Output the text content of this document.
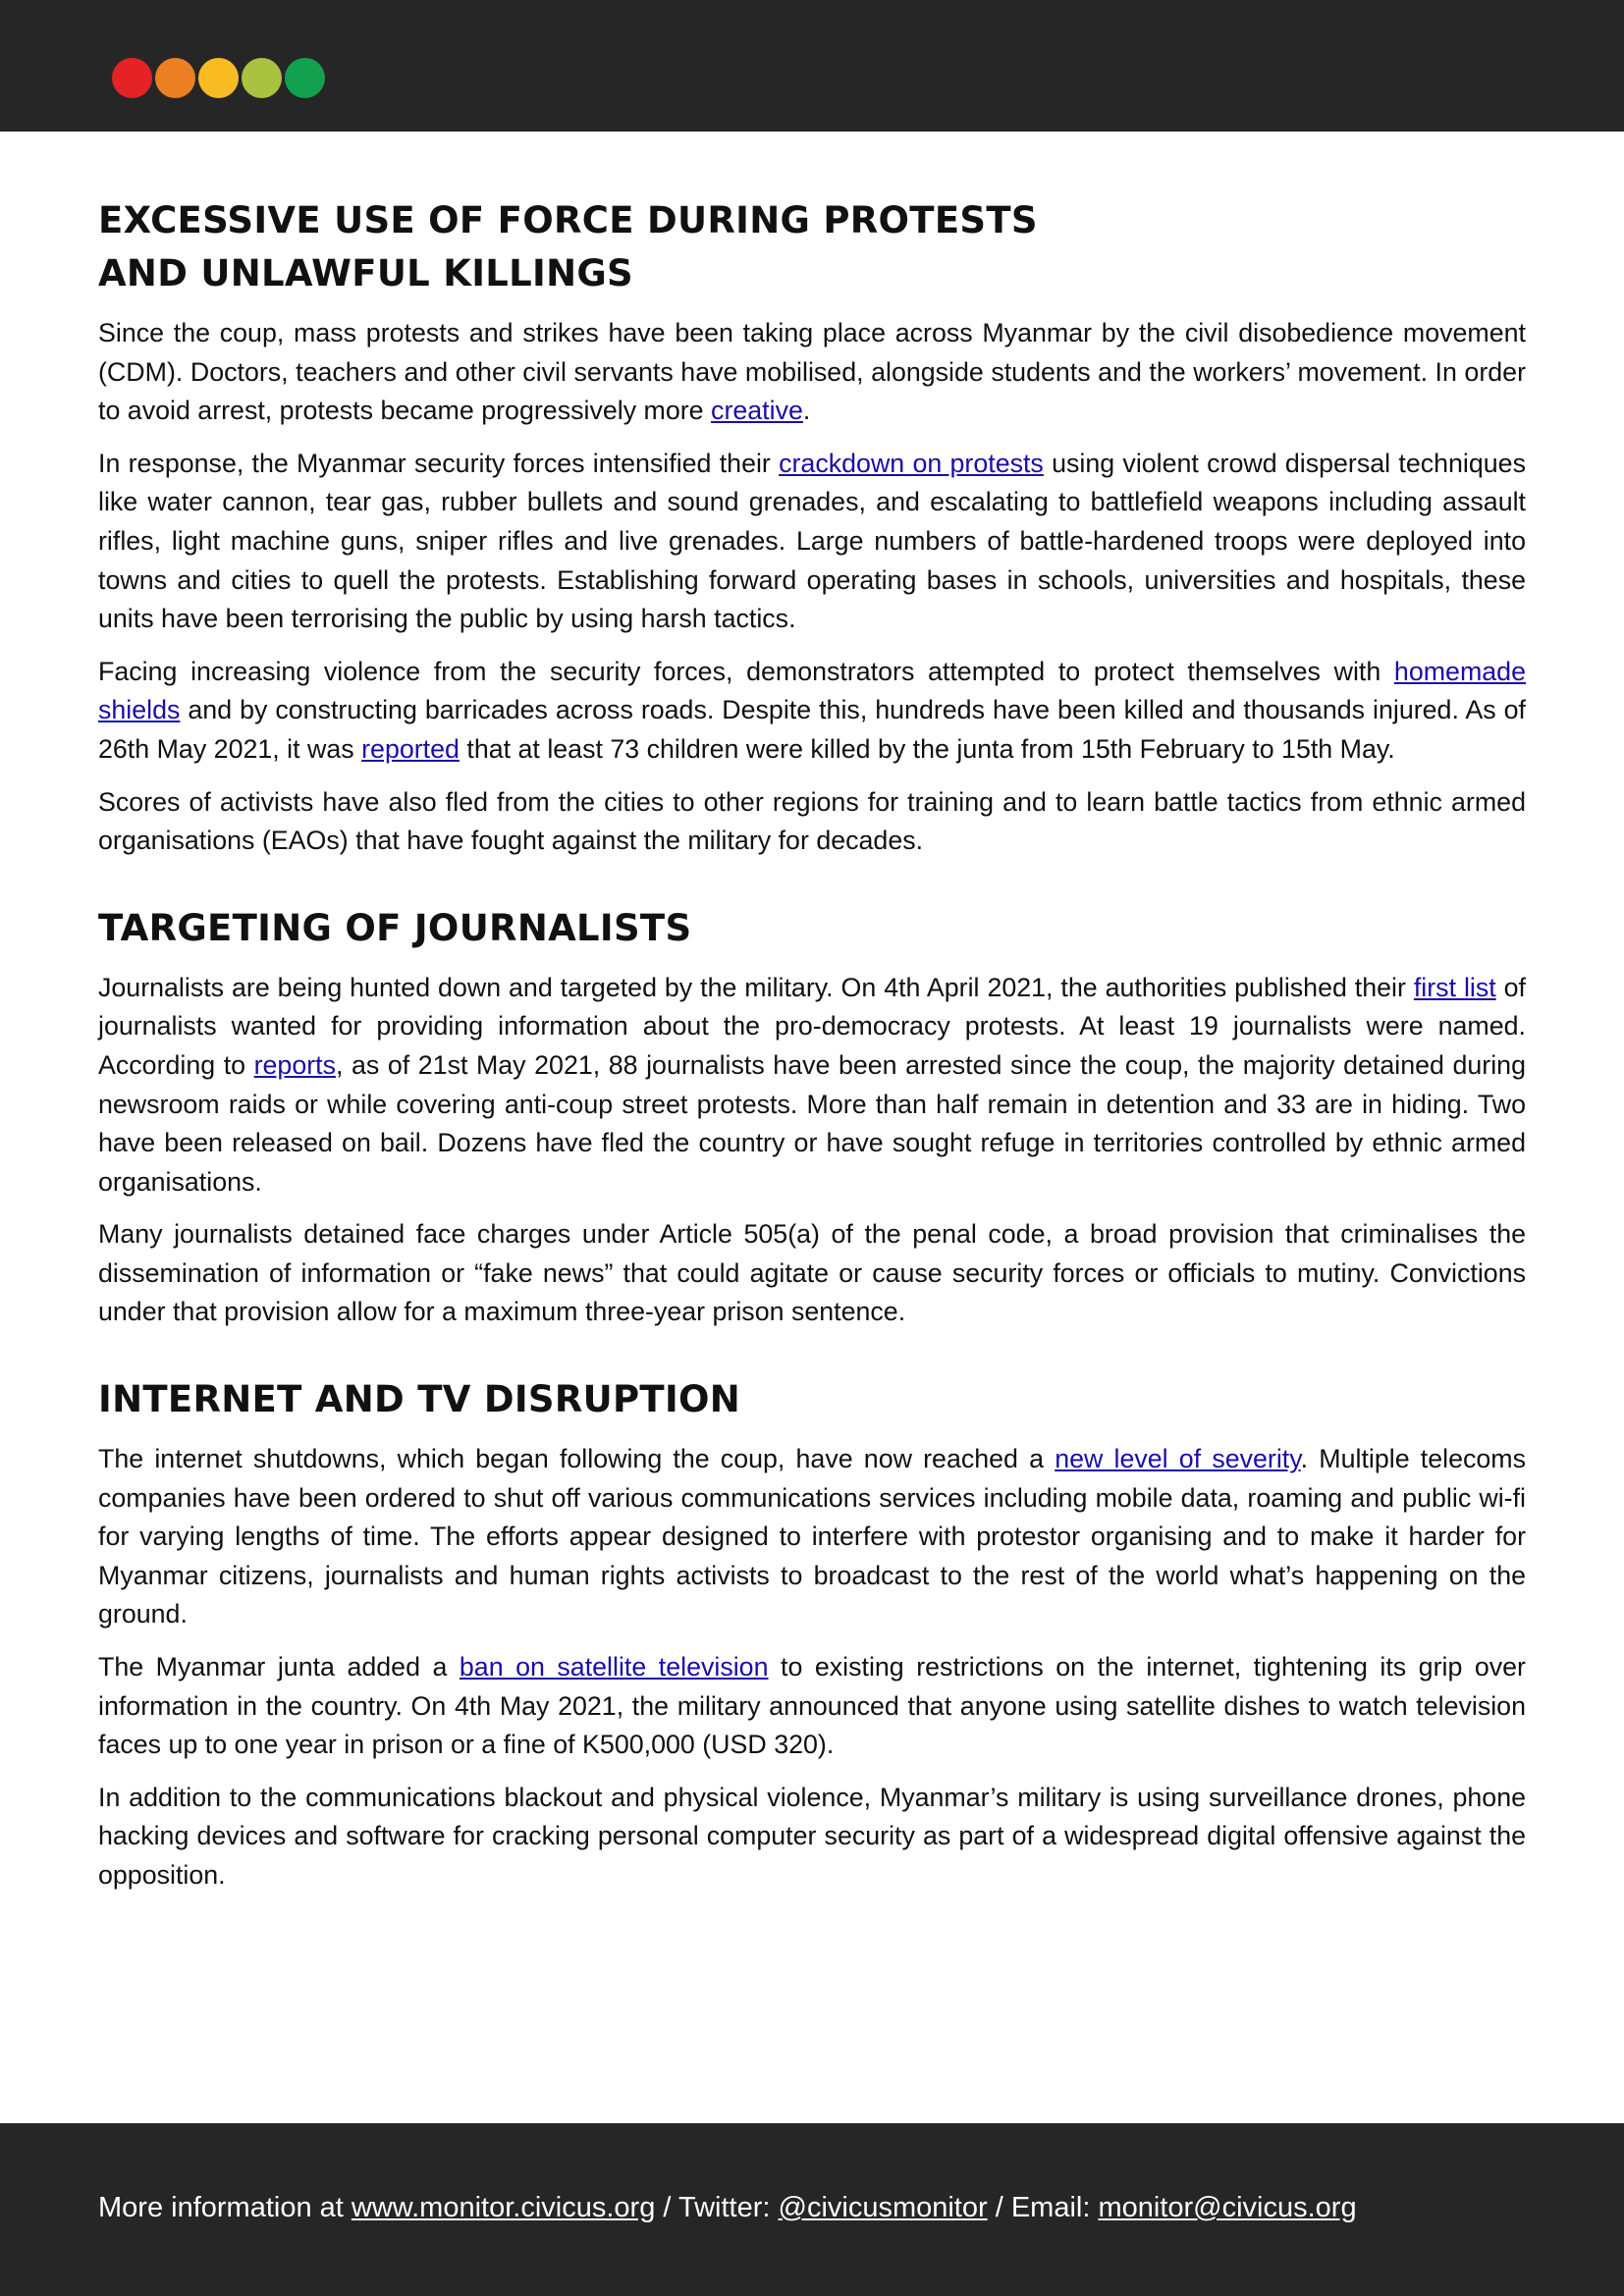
EXCESSIVE USE OF FORCE DURING PROTESTS
AND UNLAWFUL KILLINGS

Since the coup, mass protests and strikes have been taking place across Myanmar by the civil disobedience movement (CDM). Doctors, teachers and other civil servants have mobilised, alongside students and the workers’ movement. In order to avoid arrest, protests became progressively more creative.

In response, the Myanmar security forces intensified their crackdown on protests using violent crowd dispersal techniques like water cannon, tear gas, rubber bullets and sound grenades, and escalating to battlefield weapons including assault rifles, light machine guns, sniper rifles and live grenades. Large numbers of battle-hardened troops were deployed into towns and cities to quell the protests. Establishing forward operating bases in schools, universities and hospitals, these units have been terrorising the public by using harsh tactics.

Facing increasing violence from the security forces, demonstrators attempted to protect themselves with homemade shields and by constructing barricades across roads. Despite this, hundreds have been killed and thousands injured. As of 26th May 2021, it was reported that at least 73 children were killed by the junta from 15th February to 15th May.

Scores of activists have also fled from the cities to other regions for training and to learn battle tactics from ethnic armed organisations (EAOs) that have fought against the military for decades.

TARGETING OF JOURNALISTS

Journalists are being hunted down and targeted by the military. On 4th April 2021, the authorities published their first list of journalists wanted for providing information about the pro-democracy protests. At least 19 journalists were named. According to reports, as of 21st May 2021, 88 journalists have been arrested since the coup, the majority detained during newsroom raids or while covering anti-coup street protests. More than half remain in detention and 33 are in hiding. Two have been released on bail. Dozens have fled the country or have sought refuge in territories controlled by ethnic armed organisations.

Many journalists detained face charges under Article 505(a) of the penal code, a broad provision that criminalises the dissemination of information or “fake news” that could agitate or cause security forces or officials to mutiny. Convictions under that provision allow for a maximum three-year prison sentence.

INTERNET AND TV DISRUPTION

The internet shutdowns, which began following the coup, have now reached a new level of severity. Multiple telecoms companies have been ordered to shut off various communications services including mobile data, roaming and public wi-fi for varying lengths of time. The efforts appear designed to interfere with protestor organising and to make it harder for Myanmar citizens, journalists and human rights activists to broadcast to the rest of the world what’s happening on the ground.

The Myanmar junta added a ban on satellite television to existing restrictions on the internet, tightening its grip over information in the country. On 4th May 2021, the military announced that anyone using satellite dishes to watch television faces up to one year in prison or a fine of K500,000 (USD 320).

In addition to the communications blackout and physical violence, Myanmar’s military is using surveillance drones, phone hacking devices and software for cracking personal computer security as part of a widespread digital offensive against the opposition.

More information at www.monitor.civicus.org / Twitter: @civicusmonitor / Email: monitor@civicus.org
